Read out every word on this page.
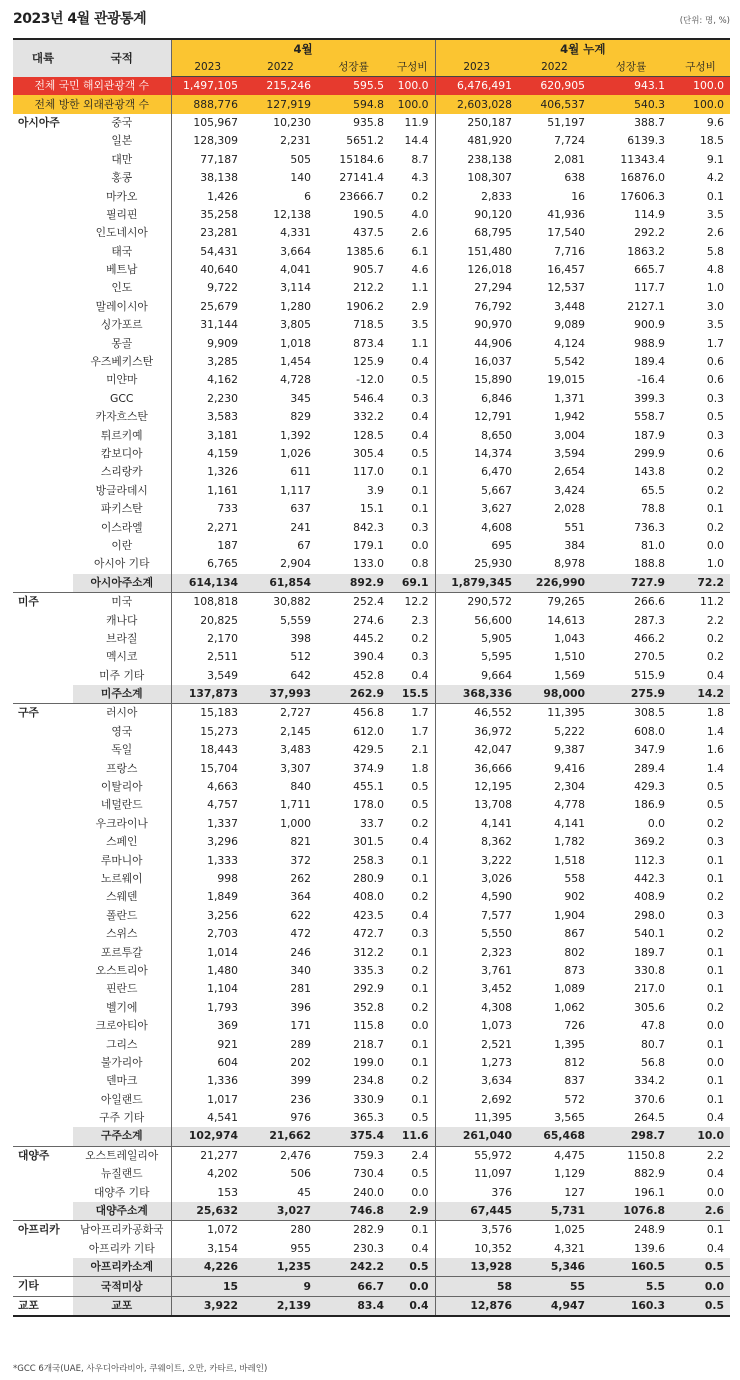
2023년 4월 관광통계	(단위: 명, %)
대륙	국적	4월				4월 누계			
		2023	2022	성장률	구성비	2023	2022	성장률	구성비
전체 국민 해외관광객 수		1,497,105	215,246	595.5	100.0	6,476,491	620,905	943.1	100.0
전체 방한 외래관광객 수		888,776	127,919	594.8	100.0	2,603,028	406,537	540.3	100.0
아시아주	중국	105,967	10,230	935.8	11.9	250,187	51,197	388.7	9.6
	일본	128,309	2,231	5651.2	14.4	481,920	7,724	6139.3	18.5
	대만	77,187	505	15184.6	8.7	238,138	2,081	11343.4	9.1
	홍콩	38,138	140	27141.4	4.3	108,307	638	16876.0	4.2
	마카오	1,426	6	23666.7	0.2	2,833	16	17606.3	0.1
	필리핀	35,258	12,138	190.5	4.0	90,120	41,936	114.9	3.5
	인도네시아	23,281	4,331	437.5	2.6	68,795	17,540	292.2	2.6
	태국	54,431	3,664	1385.6	6.1	151,480	7,716	1863.2	5.8
	베트남	40,640	4,041	905.7	4.6	126,018	16,457	665.7	4.8
	인도	9,722	3,114	212.2	1.1	27,294	12,537	117.7	1.0
	말레이시아	25,679	1,280	1906.2	2.9	76,792	3,448	2127.1	3.0
	싱가포르	31,144	3,805	718.5	3.5	90,970	9,089	900.9	3.5
	몽골	9,909	1,018	873.4	1.1	44,906	4,124	988.9	1.7
	우즈베키스탄	3,285	1,454	125.9	0.4	16,037	5,542	189.4	0.6
	미얀마	4,162	4,728	-12.0	0.5	15,890	19,015	-16.4	0.6
	GCC	2,230	345	546.4	0.3	6,846	1,371	399.3	0.3
	카자흐스탄	3,583	829	332.2	0.4	12,791	1,942	558.7	0.5
	튀르키예	3,181	1,392	128.5	0.4	8,650	3,004	187.9	0.3
	캄보디아	4,159	1,026	305.4	0.5	14,374	3,594	299.9	0.6
	스리랑카	1,326	611	117.0	0.1	6,470	2,654	143.8	0.2
	방글라데시	1,161	1,117	3.9	0.1	5,667	3,424	65.5	0.2
	파키스탄	733	637	15.1	0.1	3,627	2,028	78.8	0.1
	이스라엘	2,271	241	842.3	0.3	4,608	551	736.3	0.2
	이란	187	67	179.1	0.0	695	384	81.0	0.0
	아시아 기타	6,765	2,904	133.0	0.8	25,930	8,978	188.8	1.0
	아시아주소계	614,134	61,854	892.9	69.1	1,879,345	226,990	727.9	72.2
미주	미국	108,818	30,882	252.4	12.2	290,572	79,265	266.6	11.2
	캐나다	20,825	5,559	274.6	2.3	56,600	14,613	287.3	2.2
	브라질	2,170	398	445.2	0.2	5,905	1,043	466.2	0.2
	멕시코	2,511	512	390.4	0.3	5,595	1,510	270.5	0.2
	미주 기타	3,549	642	452.8	0.4	9,664	1,569	515.9	0.4
	미주소계	137,873	37,993	262.9	15.5	368,336	98,000	275.9	14.2
구주	러시아	15,183	2,727	456.8	1.7	46,552	11,395	308.5	1.8
	영국	15,273	2,145	612.0	1.7	36,972	5,222	608.0	1.4
	독일	18,443	3,483	429.5	2.1	42,047	9,387	347.9	1.6
	프랑스	15,704	3,307	374.9	1.8	36,666	9,416	289.4	1.4
	이탈리아	4,663	840	455.1	0.5	12,195	2,304	429.3	0.5
	네덜란드	4,757	1,711	178.0	0.5	13,708	4,778	186.9	0.5
	우크라이나	1,337	1,000	33.7	0.2	4,141	4,141	0.0	0.2
	스페인	3,296	821	301.5	0.4	8,362	1,782	369.2	0.3
	루마니아	1,333	372	258.3	0.1	3,222	1,518	112.3	0.1
	노르웨이	998	262	280.9	0.1	3,026	558	442.3	0.1
	스웨덴	1,849	364	408.0	0.2	4,590	902	408.9	0.2
	폴란드	3,256	622	423.5	0.4	7,577	1,904	298.0	0.3
	스위스	2,703	472	472.7	0.3	5,550	867	540.1	0.2
	포르투갈	1,014	246	312.2	0.1	2,323	802	189.7	0.1
	오스트리아	1,480	340	335.3	0.2	3,761	873	330.8	0.1
	핀란드	1,104	281	292.9	0.1	3,452	1,089	217.0	0.1
	벨기에	1,793	396	352.8	0.2	4,308	1,062	305.6	0.2
	크로아티아	369	171	115.8	0.0	1,073	726	47.8	0.0
	그리스	921	289	218.7	0.1	2,521	1,395	80.7	0.1
	불가리아	604	202	199.0	0.1	1,273	812	56.8	0.0
	덴마크	1,336	399	234.8	0.2	3,634	837	334.2	0.1
	아일랜드	1,017	236	330.9	0.1	2,692	572	370.6	0.1
	구주 기타	4,541	976	365.3	0.5	11,395	3,565	264.5	0.4
	구주소계	102,974	21,662	375.4	11.6	261,040	65,468	298.7	10.0
대양주	오스트레일리아	21,277	2,476	759.3	2.4	55,972	4,475	1150.8	2.2
	뉴질랜드	4,202	506	730.4	0.5	11,097	1,129	882.9	0.4
	대양주 기타	153	45	240.0	0.0	376	127	196.1	0.0
	대양주소계	25,632	3,027	746.8	2.9	67,445	5,731	1076.8	2.6
아프리카	남아프리카공화국	1,072	280	282.9	0.1	3,576	1,025	248.9	0.1
	아프리카 기타	3,154	955	230.3	0.4	10,352	4,321	139.6	0.4
	아프리카소계	4,226	1,235	242.2	0.5	13,928	5,346	160.5	0.5
기타	국적미상	15	9	66.7	0.0	58	55	5.5	0.0
교포	교포	3,922	2,139	83.4	0.4	12,876	4,947	160.3	0.5
*GCC 6개국(UAE, 사우디아라비아, 쿠웨이트, 오만, 카타르, 바레인)
